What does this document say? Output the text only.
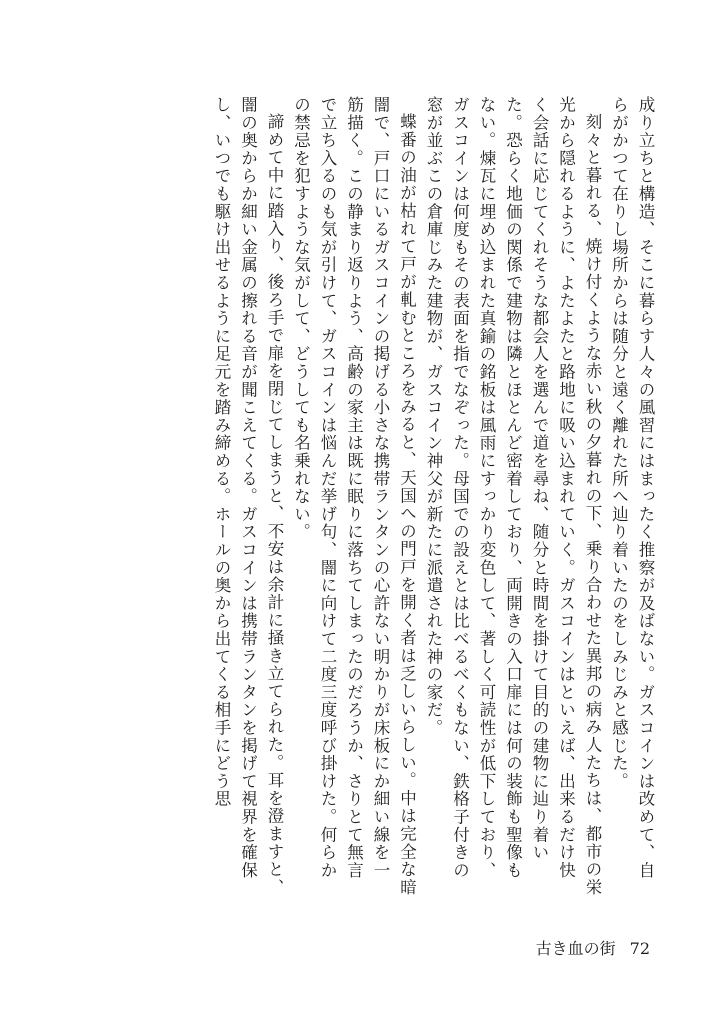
成り立ちと構造、そこに暮らす人々の風習にはまったく推察が及ばない。ガスコインは改めて、自らがかつて在りし場所からは随分と遠く離れた所へ辿り着いたのをしみじみと感じた。

刻々と暮れる、焼け付くような赤い秋の夕暮れの下、乗り合わせた異邦の病み人たちは、都市の栄光から隠れるように、よたよたと路地に吸い込まれていく。ガスコインはといえば、出来るだけ快く会話に応じてくれそうな都会人を選んで道を尋ね、随分と時間を掛けて目的の建物に辿り着いた。恐らく地価の関係で建物は隣とほとんど密着しており、両開きの入口扉には何の装飾も聖像もない。煉瓦に埋め込まれた真鍮の銘板は風雨にすっかり変色して、著しく可読性が低下しており、ガスコインは何度もその表面を指でなぞった。母国での設えとは比べるべくもない、鉄格子付きの窓が並ぶこの倉庫じみた建物が、ガスコイン神父が新たに派遣された神の家だ。

蝶番の油が枯れて戸が軋むところをみると、天国への門戸を開く者は乏しいらしい。中は完全な暗闇で、戸口にいるガスコインの掲げる小さな携帯ランタンの心許ない明かりが床板にか細い線を一筋描く。この静まり返りよう、高齢の家主は既に眠りに落ちてしまったのだろうか、さりとて無言で立ち入るのも気が引けて、ガスコインは悩んだ挙げ句、闇に向けて二度三度呼び掛けた。何らかの禁忌を犯すような気がして、どうしても名乗れない。

諦めて中に踏入り、後ろ手で扉を閉じてしまうと、不安は余計に掻き立てられた。耳を澄ますと、闇の奥からか細い金属の擦れる音が聞こえてくる。ガスコインは携帯ランタンを掲げて視界を確保し、いつでも駆け出せるように足元を踏み締める。ホールの奥から出てくる相手にどう思

古き血の街 72
